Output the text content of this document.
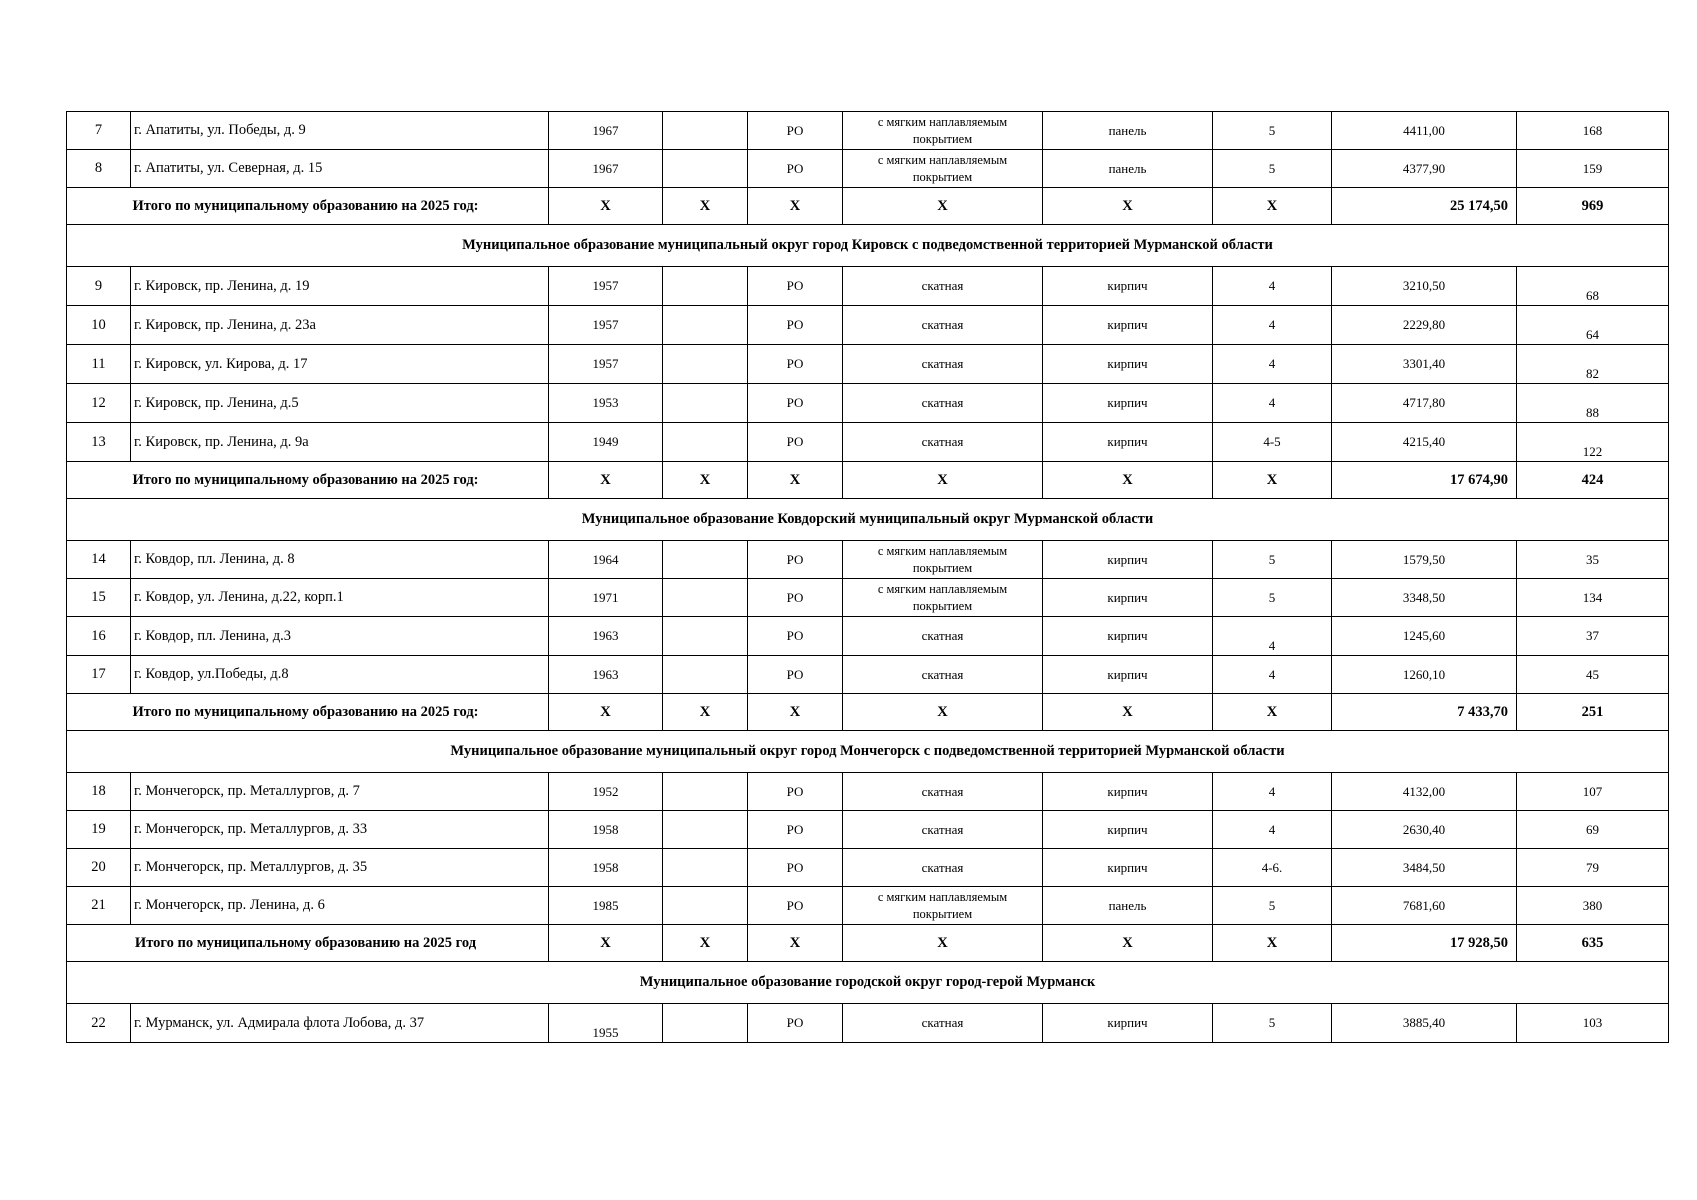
7	г. Апатиты, ул. Победы, д. 9	1967		РО	с мягким наплавляемым покрытием	панель	5	4411,00	168
8	г. Апатиты, ул. Северная, д. 15	1967		РО	с мягким наплавляемым покрытием	панель	5	4377,90	159
Итого по муниципальному образованию на 2025 год:		Х	Х	Х	Х	Х	Х	25 174,50	969
Муниципальное образование муниципальный округ город Кировск с подведомственной территорией Мурманской области									
9	г. Кировск, пр. Ленина, д. 19	1957		РО	скатная	кирпич	4	3210,50	68
10	г. Кировск, пр. Ленина, д. 23а	1957		РО	скатная	кирпич	4	2229,80	64
11	г. Кировск, ул. Кирова, д. 17	1957		РО	скатная	кирпич	4	3301,40	82
12	г. Кировск, пр. Ленина, д.5	1953		РО	скатная	кирпич	4	4717,80	88
13	г. Кировск, пр. Ленина, д. 9а	1949		РО	скатная	кирпич	4-5	4215,40	122
Итого по муниципальному образованию на 2025 год:		Х	Х	Х	Х	Х	Х	17 674,90	424
Муниципальное образование Ковдорский муниципальный округ Мурманской области									
14	г. Ковдор, пл. Ленина, д. 8	1964		РО	с мягким наплавляемым покрытием	кирпич	5	1579,50	35
15	г. Ковдор, ул. Ленина, д.22, корп.1	1971		РО	с мягким наплавляемым покрытием	кирпич	5	3348,50	134
16	г. Ковдор, пл. Ленина, д.3	1963		РО	скатная	кирпич	4	1245,60	37
17	г. Ковдор, ул.Победы, д.8	1963		РО	скатная	кирпич	4	1260,10	45
Итого по муниципальному образованию на 2025 год:		Х	Х	Х	Х	Х	Х	7 433,70	251
Муниципальное образование муниципальный округ город Мончегорск с подведомственной территорией Мурманской области									
18	г. Мончегорск, пр. Металлургов, д. 7	1952		РО	скатная	кирпич	4	4132,00	107
19	г. Мончегорск, пр. Металлургов, д. 33	1958		РО	скатная	кирпич	4	2630,40	69
20	г. Мончегорск, пр. Металлургов, д. 35	1958		РО	скатная	кирпич	4-6.	3484,50	79
21	г. Мончегорск, пр. Ленина, д. 6	1985		РО	с мягким наплавляемым покрытием	панель	5	7681,60	380
Итого по муниципальному образованию на 2025 год		Х	Х	Х	Х	Х	Х	17 928,50	635
Муниципальное образование городской округ город-герой Мурманск									
22	г. Мурманск, ул. Адмирала флота Лобова, д. 37	1955		РО	скатная	кирпич	5	3885,40	103
